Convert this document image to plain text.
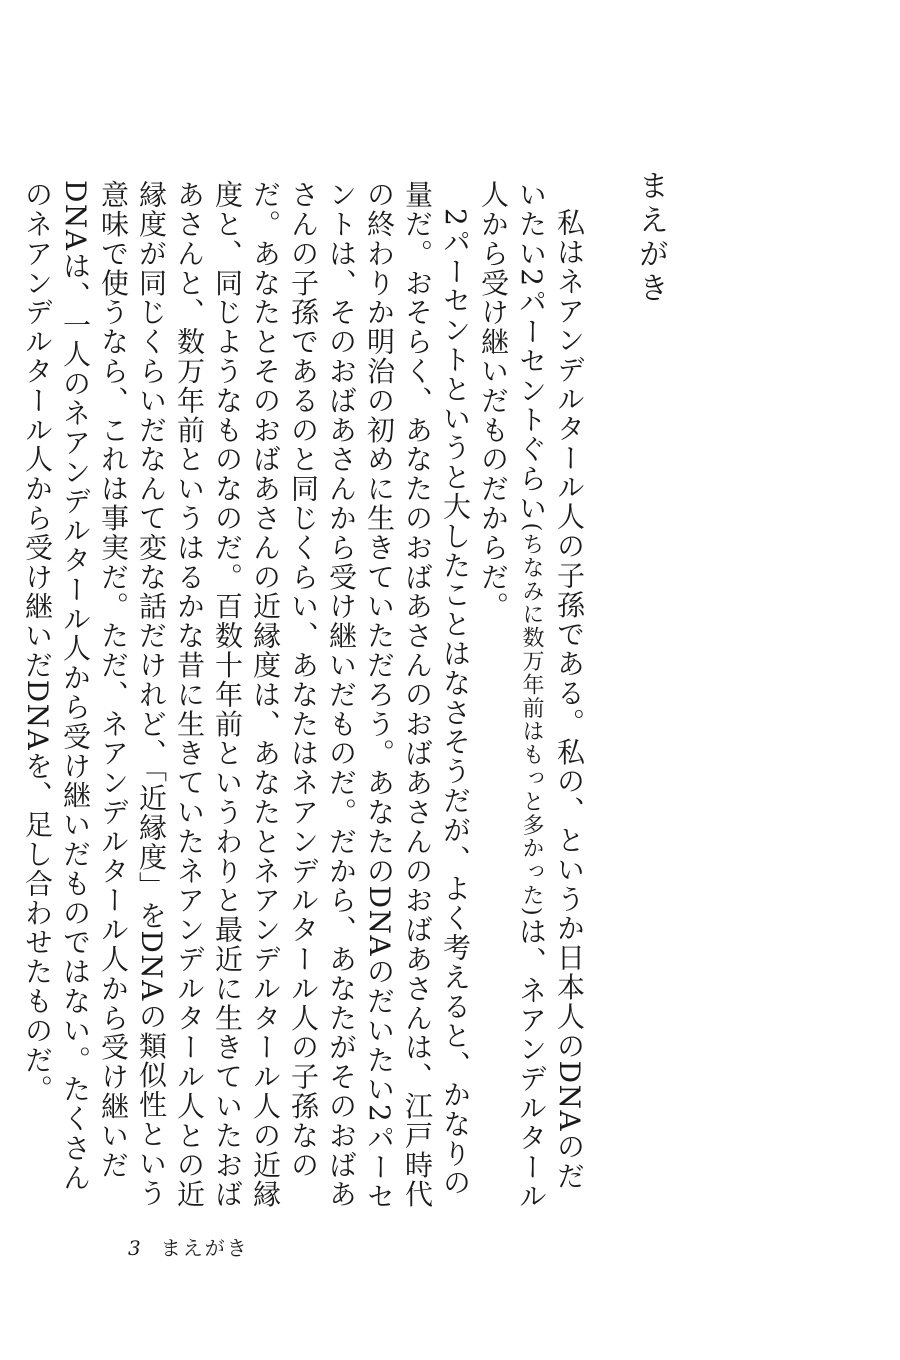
まえがき

私はネアンデルタール人の子孫である。私の、というか日本人のDNAのだいたい2パーセントぐらい(ちなみに数万年前はもっと多かった)は、ネアンデルタール人から受け継いだものだからだ。

2パーセントというと大したことはなさそうだが、よく考えると、かなりの量だ。おそらく、あなたのおばあさんのおばあさんのおばあさんは、江戸時代の終わりか明治の初めに生きていただろう。あなたのDNAのだいたい2パーセントは、そのおばあさんから受け継いだものだ。だから、あなたがそのおばあさんの子孫であるのと同じくらい、あなたはネアンデルタール人の子孫なのだ。あなたとそのおばあさんの近縁度は、あなたとネアンデルタール人の近縁度と、同じようなものなのだ。百数十年前というわりと最近に生きていたおばあさんと、数万年前というはるかな昔に生きていたネアンデルタール人との近縁度が同じくらいだなんて変な話だけれど、「近縁度」をDNAの類似性という意味で使うなら、これは事実だ。ただ、ネアンデルタール人から受け継いだDNAは、一人のネアンデルタール人から受け継いだものではない。たくさんのネアンデルタール人から受け継いだDNAを、足し合わせたものだ。

3 まえがき
